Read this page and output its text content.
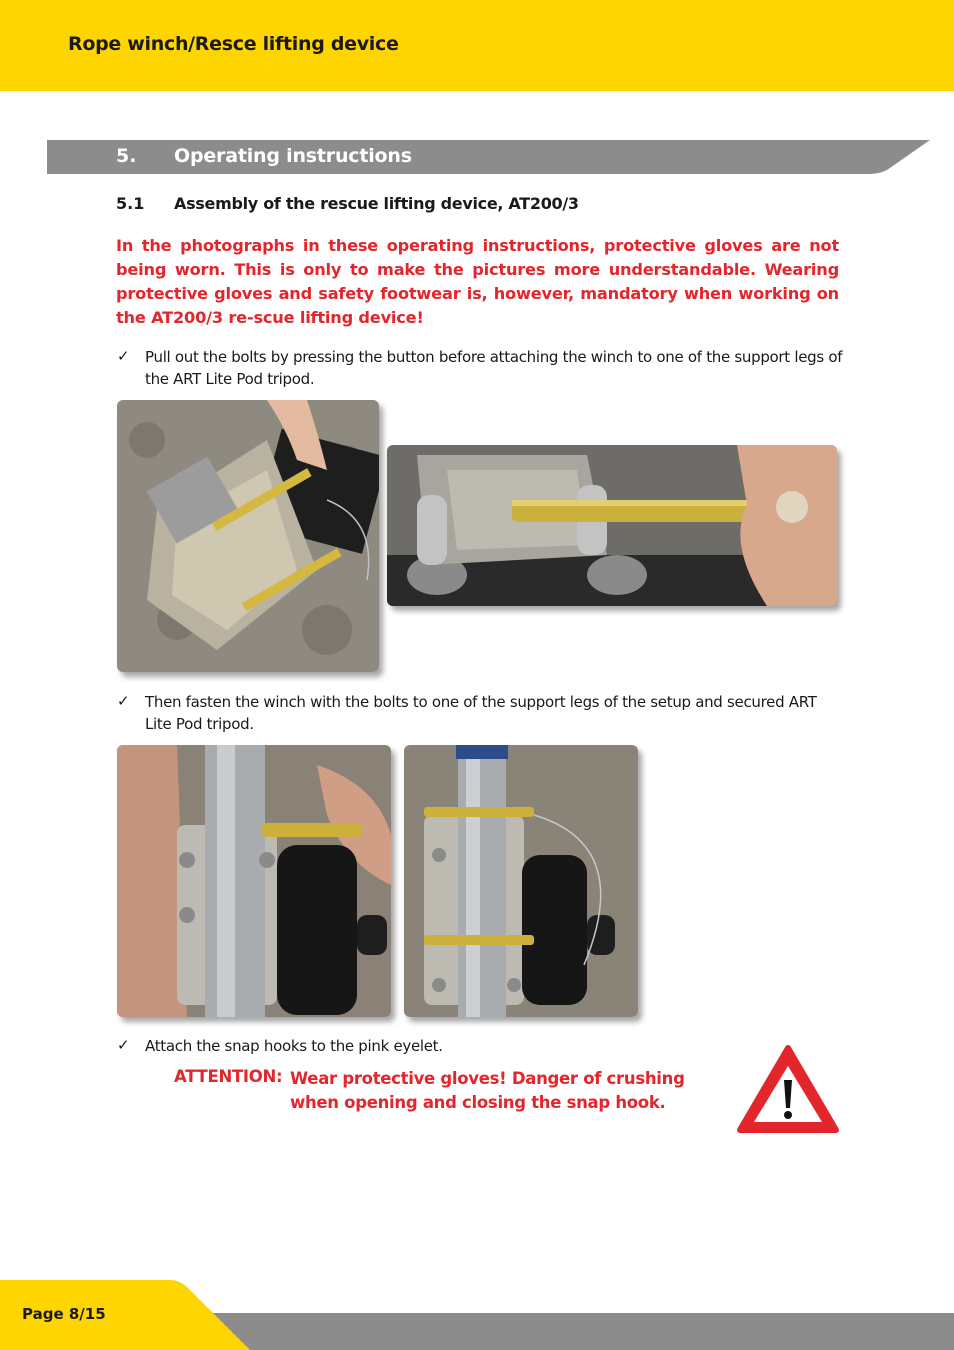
Rope winch/Resce lifting device
5. Operating instructions
5.1 Assembly of the rescue lifting device, AT200/3
In the photographs in these operating instructions, protective gloves are not being worn. This is only to make the pictures more understandable. Wearing protective gloves and safety footwear is, however, mandatory when working on the AT200/3 re-scue lifting device!
✓ Pull out the bolts by pressing the button before attaching the winch to one of the support legs of the ART Lite Pod tripod.
✓ Then fasten the winch with the bolts to one of the support legs of the setup and secured ART Lite Pod tripod.
✓ Attach the snap hooks to the pink eyelet.
ATTENTION: Wear protective gloves! Danger of crushing when opening and closing the snap hook.
Page 8/15
